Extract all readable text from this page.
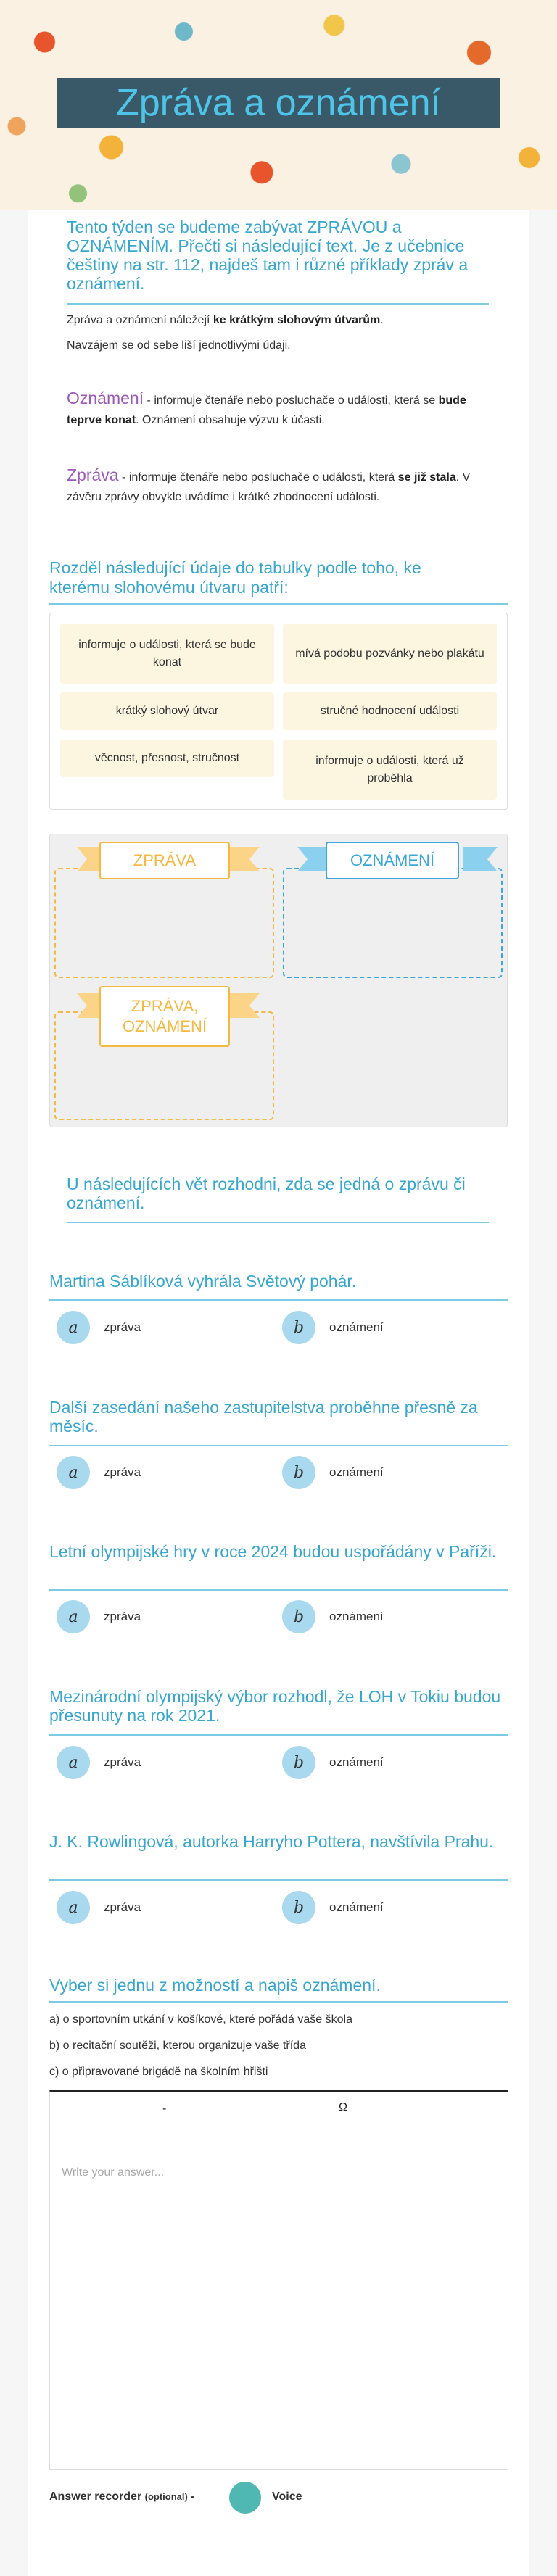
Zpráva a oznámení
Tento týden se budeme zabývat ZPRÁVOU a OZNÁMENÍM. Přečti si následující text. Je z učebnice češtiny na str. 112, najdeš tam i různé příklady zpráv a oznámení.
Zpráva a oznámení náležejí ke krátkým slohovým útvarům.
Navzájem se od sebe liší jednotlivými údaji.
Oznámení - informuje čtenáře nebo posluchače o události, která se bude teprve konat. Oznámení obsahuje výzvu k účasti.
Zpráva - informuje čtenáře nebo posluchače o události, která se již stala. V závěru zprávy obvykle uvádíme i krátké zhodnocení události.
Rozděl následující údaje do tabulky podle toho, ke kterému slohovému útvaru patří:
informuje o události, která se bude konat
mívá podobu pozvánky nebo plakátu
krátký slohový útvar	stručné hodnocení události
věcnost, přesnost, stručnost	informuje o události, která už proběhla
ZPRÁVA	OZNÁMENÍ
ZPRÁVA, OZNÁMENÍ
U následujících vět rozhodni, zda se jedná o zprávu či oznámení.
Martina Sáblíková vyhrála Světový pohár.
a	zpráva	b	oznámení
Další zasedání našeho zastupitelstva proběhne přesně za měsíc.
a	zpráva	b	oznámení
Letní olympijské hry v roce 2024 budou uspořádány v Paříži.
a	zpráva	b	oznámení
Mezinárodní olympijský výbor rozhodl, že LOH v Tokiu budou přesunuty na rok 2021.
a	zpráva	b	oznámení
J. K. Rowlingová, autorka Harryho Pottera, navštívila Prahu.
a	zpráva	b	oznámení
Vyber si jednu z možností a napiš oznámení.
a) o sportovním utkání v košíkové, které pořádá vaše škola
b) o recitační soutěži, kterou organizuje vaše třída
c) o připravované brigádě na školním hřišti
-	Ω
Write your answer...
Answer recorder (optional) -	Voice
